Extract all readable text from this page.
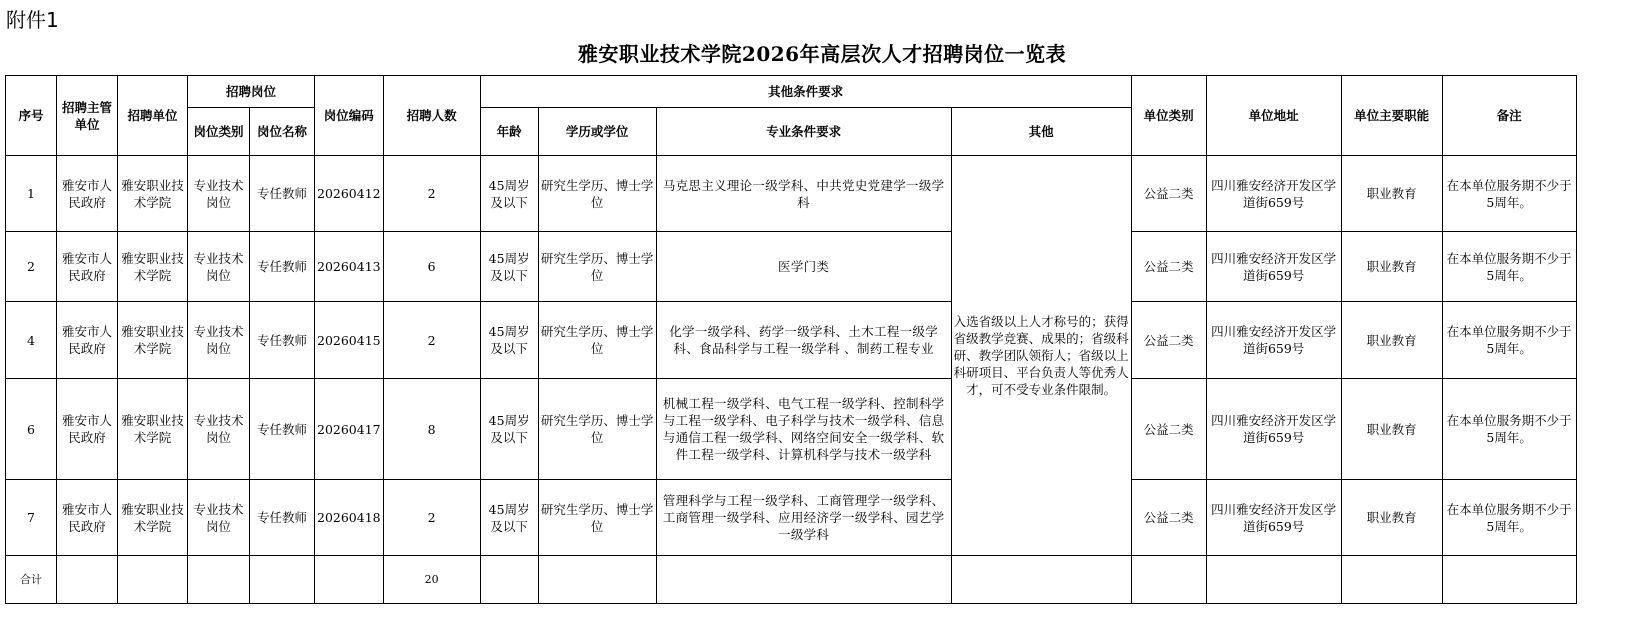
附件1
雅安职业技术学院2026年高层次人才招聘岗位一览表
序号	招聘主管单位	招聘单位	招聘岗位		岗位编码	招聘人数	其他条件要求				单位类别	单位地址	单位主要职能	备注
			岗位类别	岗位名称			年龄	学历或学位	专业条件要求	其他				
1	雅安市人民政府	雅安职业技术学院	专业技术岗位	专任教师	20260412	2	45周岁及以下	研究生学历、博士学位	马克思主义理论一级学科、中共党史党建学一级学科	入选省级以上人才称号的；获得省级教学竞赛、成果的；省级科研、教学团队领衔人；省级以上科研项目、平台负责人等优秀人才，可不受专业条件限制。	公益二类	四川雅安经济开发区学道街659号	职业教育	在本单位服务期不少于5周年。
2	雅安市人民政府	雅安职业技术学院	专业技术岗位	专任教师	20260413	6	45周岁及以下	研究生学历、博士学位	医学门类		公益二类	四川雅安经济开发区学道街659号	职业教育	在本单位服务期不少于5周年。
4	雅安市人民政府	雅安职业技术学院	专业技术岗位	专任教师	20260415	2	45周岁及以下	研究生学历、博士学位	化学一级学科、药学一级学科、土木工程一级学科、食品科学与工程一级学科 、制药工程专业		公益二类	四川雅安经济开发区学道街659号	职业教育	在本单位服务期不少于5周年。
6	雅安市人民政府	雅安职业技术学院	专业技术岗位	专任教师	20260417	8	45周岁及以下	研究生学历、博士学位	机械工程一级学科、电气工程一级学科、控制科学与工程一级学科、电子科学与技术一级学科、信息与通信工程一级学科、网络空间安全一级学科、软件工程一级学科、计算机科学与技术一级学科		公益二类	四川雅安经济开发区学道街659号	职业教育	在本单位服务期不少于5周年。
7	雅安市人民政府	雅安职业技术学院	专业技术岗位	专任教师	20260418	2	45周岁及以下	研究生学历、博士学位	管理科学与工程一级学科、工商管理学一级学科、工商管理一级学科、应用经济学一级学科、园艺学一级学科		公益二类	四川雅安经济开发区学道街659号	职业教育	在本单位服务期不少于5周年。
合计						20								
